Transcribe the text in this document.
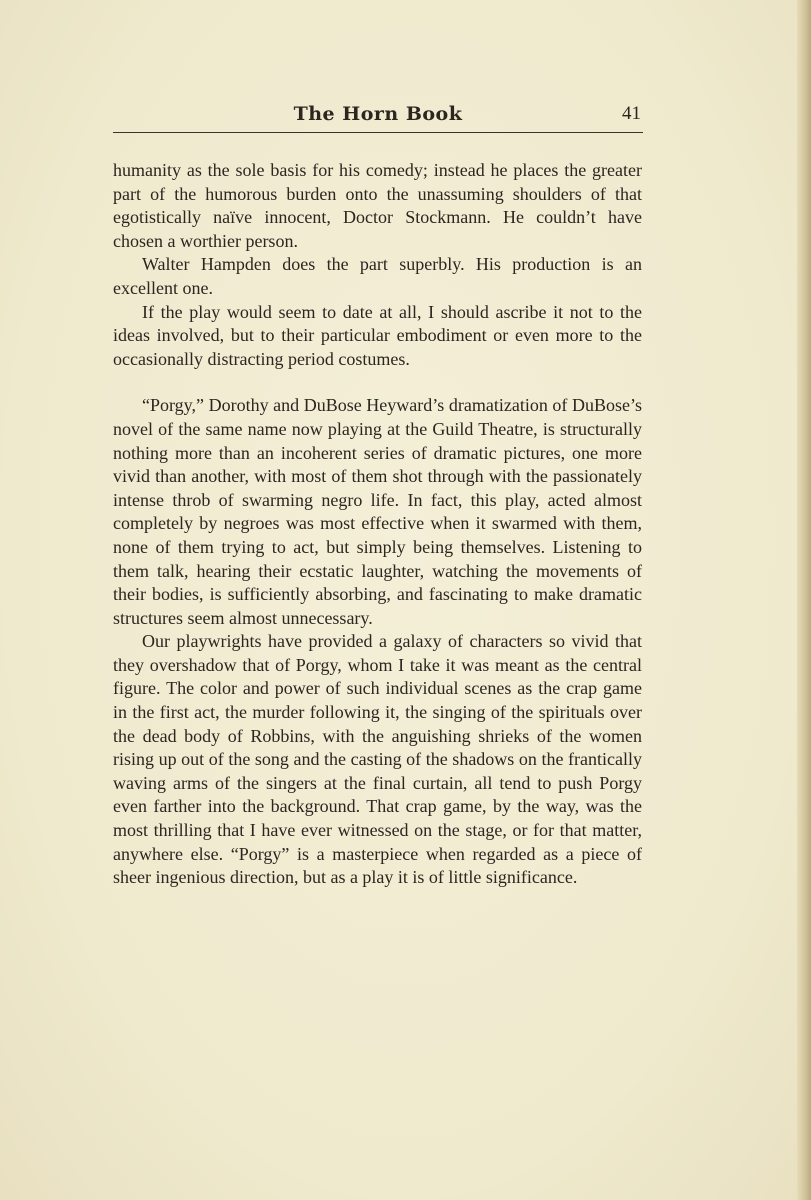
The Horn Book	41

humanity as the sole basis for his comedy; instead he places the greater part of the humorous burden onto the unassuming shoulders of that egotistically naïve innocent, Doctor Stockmann. He couldn’t have chosen a worthier person.

Walter Hampden does the part superbly. His production is an excellent one.

If the play would seem to date at all, I should ascribe it not to the ideas involved, but to their particular embodiment or even more to the occasionally distracting period costumes.

“Porgy,” Dorothy and DuBose Heyward’s dramatization of DuBose’s novel of the same name now playing at the Guild Theatre, is structurally nothing more than an incoherent series of dramatic pictures, one more vivid than another, with most of them shot through with the passionately intense throb of swarming negro life. In fact, this play, acted almost completely by negroes was most effective when it swarmed with them, none of them trying to act, but simply being themselves. Listening to them talk, hearing their ecstatic laughter, watching the movements of their bodies, is sufficiently absorbing, and fascinating to make dramatic structures seem almost unnecessary.

Our playwrights have provided a galaxy of characters so vivid that they overshadow that of Porgy, whom I take it was meant as the central figure. The color and power of such individual scenes as the crap game in the first act, the murder following it, the singing of the spirituals over the dead body of Robbins, with the anguishing shrieks of the women rising up out of the song and the casting of the shadows on the frantically waving arms of the singers at the final curtain, all tend to push Porgy even farther into the background. That crap game, by the way, was the most thrilling that I have ever witnessed on the stage, or for that matter, anywhere else. “Porgy” is a masterpiece when regarded as a piece of sheer ingenious direction, but as a play it is of little significance.
